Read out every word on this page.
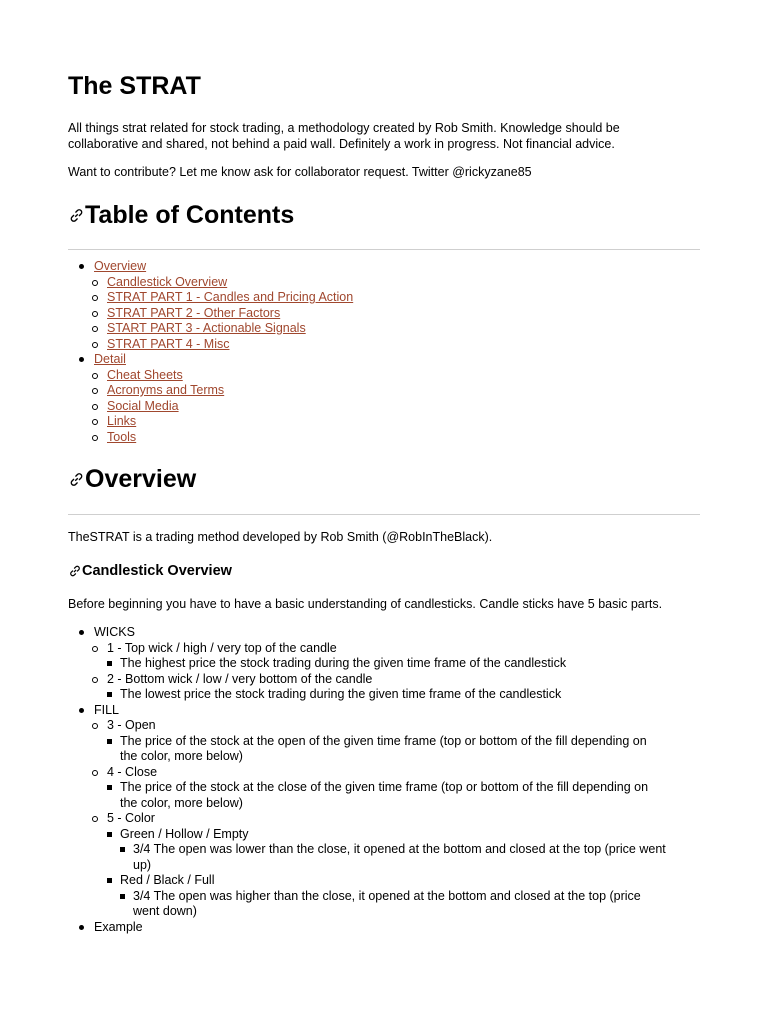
The STRAT

All things strat related for stock trading, a methodology created by Rob Smith. Knowledge should be
collaborative and shared, not behind a paid wall. Definitely a work in progress. Not financial advice.

Want to contribute? Let me know ask for collaborator request. Twitter @rickyzane85

Table of Contents
Overview
Candlestick Overview
STRAT PART 1 - Candles and Pricing Action
STRAT PART 2 - Other Factors
START PART 3 - Actionable Signals
STRAT PART 4 - Misc
Detail
Cheat Sheets
Acronyms and Terms
Social Media
Links
Tools
Overview

TheSTRAT is a trading method developed by Rob Smith (@RobInTheBlack).

Candlestick Overview

Before beginning you have to have a basic understanding of candlesticks. Candle sticks have 5 basic parts.

WICKS
1 - Top wick / high / very top of the candle
The highest price the stock trading during the given time frame of the candlestick
2 - Bottom wick / low / very bottom of the candle
The lowest price the stock trading during the given time frame of the candlestick
FILL
3 - Open
The price of the stock at the open of the given time frame (top or bottom of the fill depending on
the color, more below)
4 - Close
The price of the stock at the close of the given time frame (top or bottom of the fill depending on
the color, more below)
5 - Color
Green / Hollow / Empty
3/4 The open was lower than the close, it opened at the bottom and closed at the top (price went
up)
Red / Black / Full
3/4 The open was higher than the close, it opened at the bottom and closed at the top (price
went down)
Example
